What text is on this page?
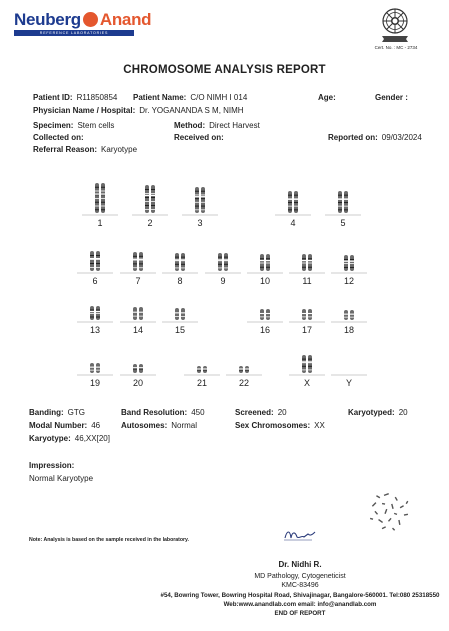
Neuberg Anand
REFERENCE LABORATORIES
Cert. No. : MC - 2734
CHROMOSOME ANALYSIS REPORT
Patient ID: R11850854 Patient Name: C/O NIMH I 014	Age:	Gender :
Physician Name / Hospital: Dr. YOGANANDA S M, NIMH
Specimen: Stem cells	Method: Direct Harvest
Collected on:	Received on:	Reported on: 09/03/2024
Referral Reason: Karyotype
1	2	3	4	5
6	7	8	9	10	11	12
13	14	15	16	17	18
19	20	21	22	X	Y
Banding: GTG	Band Resolution: 450	Screened: 20	Karyotyped: 20
Modal Number: 46	Autosomes: Normal	Sex Chromosomes: XX
Karyotype: 46,XX[20]
Impression:
Normal Karyotype
Note: Analysis is based on the sample received in the laboratory.
Dr. Nidhi R.
MD Pathology, Cytogeneticist
KMC-83496
#54, Bowring Tower, Bowring Hospital Road, Shivajinagar, Bangalore-560001. Tel:080 25318550
Web:www.anandlab.com email: info@anandlab.com
END OF REPORT
